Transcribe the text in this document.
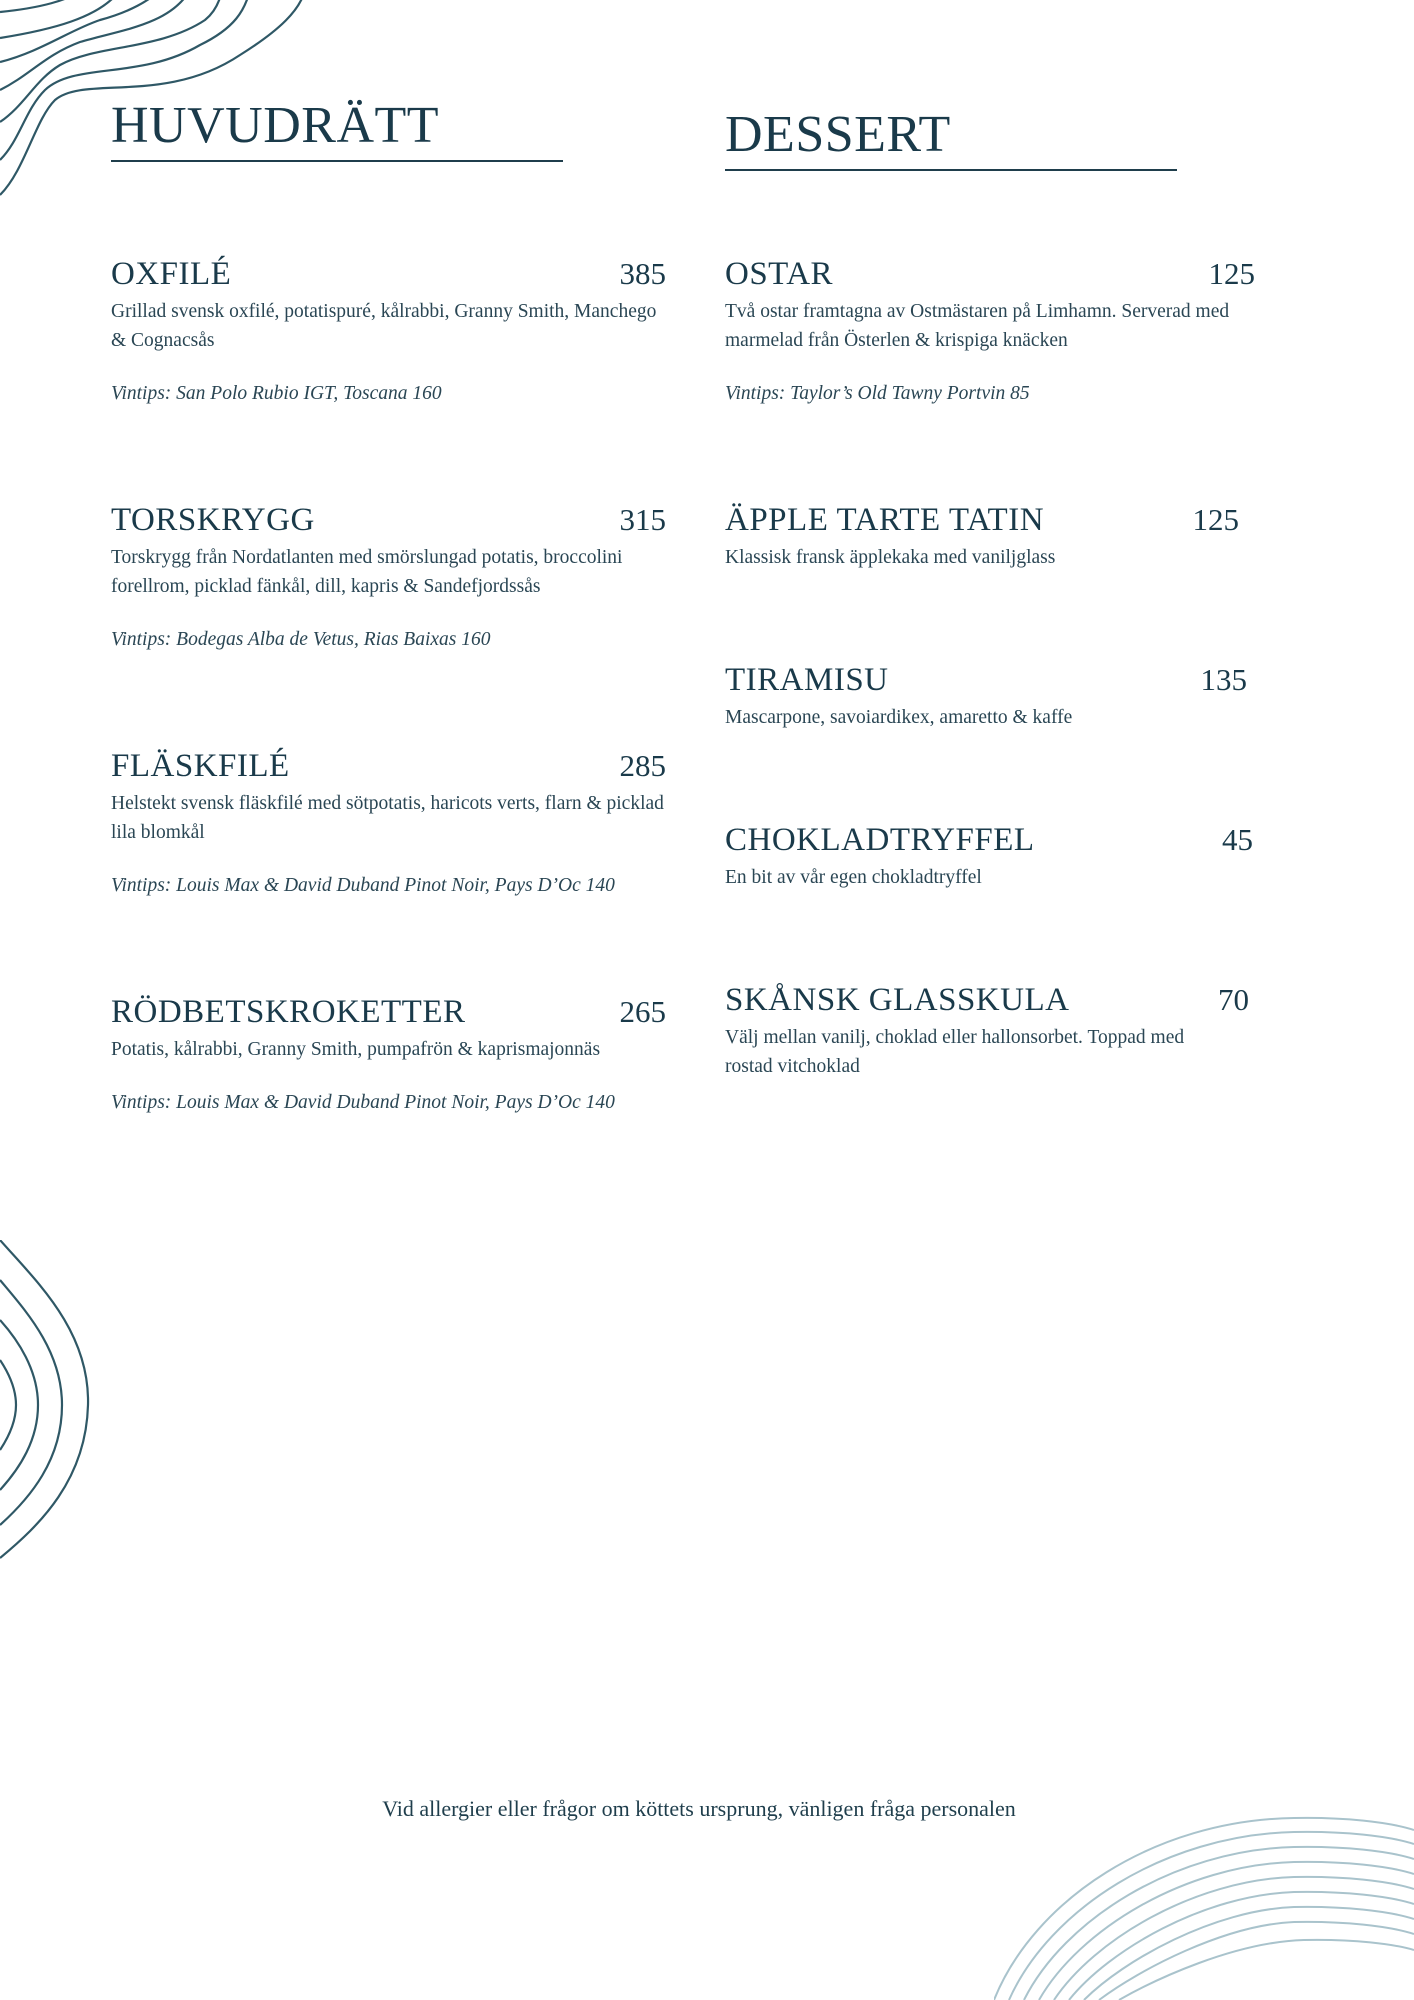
HUVUDRÄTT
OXFILÉ	385
Grillad svensk oxfilé, potatispuré, kålrabbi, Granny Smith, Manchego & Cognacsås
Vintips: San Polo Rubio IGT, Toscana 160
TORSKRYGG	315
Torskrygg från Nordatlanten med smörslungad potatis, broccolini forellrom, picklad fänkål, dill, kapris & Sandefjordssås
Vintips: Bodegas Alba de Vetus, Rias Baixas 160
FLÄSKFILÉ	285
Helstekt svensk fläskfilé med sötpotatis, haricots verts, flarn & picklad lila blomkål
Vintips: Louis Max & David Duband Pinot Noir, Pays D’Oc 140
RÖDBETSKROKETTER	265
Potatis, kålrabbi, Granny Smith, pumpafrön & kaprismajonnäs
Vintips: Louis Max & David Duband Pinot Noir, Pays D’Oc 140
DESSERT
OSTAR	125
Två ostar framtagna av Ostmästaren på Limhamn. Serverad med marmelad från Österlen & krispiga knäcken
Vintips: Taylor’s Old Tawny Portvin 85
ÄPPLE TARTE TATIN	125
Klassisk fransk äpplekaka med vaniljglass
TIRAMISU	135
Mascarpone, savoiardikex, amaretto & kaffe
CHOKLADTRYFFEL	45
En bit av vår egen chokladtryffel
SKÅNSK GLASSKULA	70
Välj mellan vanilj, choklad eller hallonsorbet. Toppad med rostad vitchoklad
Vid allergier eller frågor om köttets ursprung, vänligen fråga personalen
